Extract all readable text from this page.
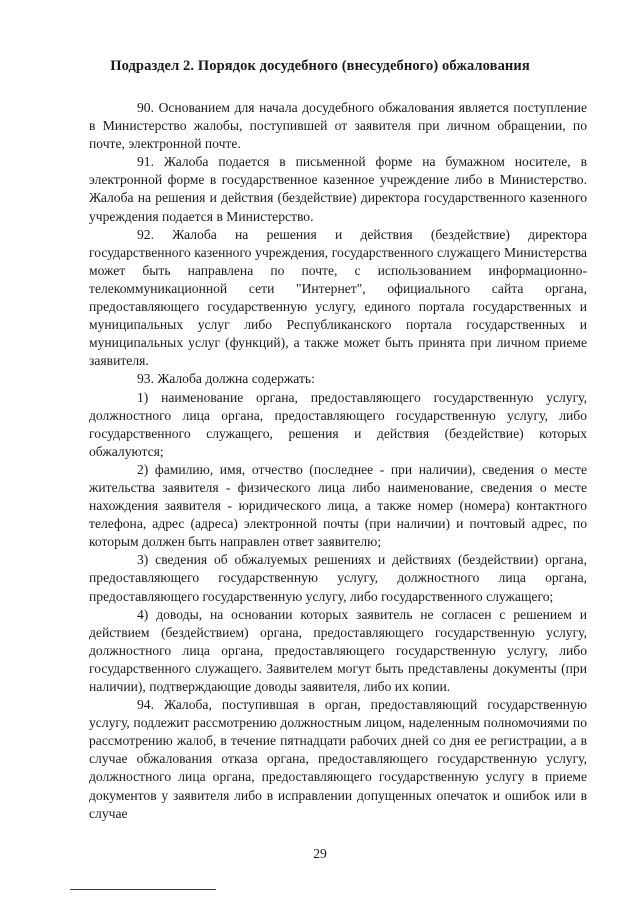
Подраздел 2. Порядок досудебного (внесудебного) обжалования

90. Основанием для начала досудебного обжалования является поступление в Министерство жалобы, поступившей от заявителя при личном обращении, по почте, электронной почте.

91. Жалоба подается в письменной форме на бумажном носителе, в электронной форме в государственное казенное учреждение либо в Министерство. Жалоба на решения и действия (бездействие) директора государственного казенного учреждения подается в Министерство.

92. Жалоба на решения и действия (бездействие) директора государственного казенного учреждения, государственного служащего Министерства может быть направлена по почте, с использованием информационно-телекоммуникационной сети "Интернет", официального сайта органа, предоставляющего государственную услугу, единого портала государственных и муниципальных услуг либо Республиканского портала государственных и муниципальных услуг (функций), а также может быть принята при личном приеме заявителя.

93. Жалоба должна содержать:

1) наименование органа, предоставляющего государственную услугу, должностного лица органа, предоставляющего государственную услугу, либо государственного служащего, решения и действия (бездействие) которых обжалуются;

2) фамилию, имя, отчество (последнее - при наличии), сведения о месте жительства заявителя - физического лица либо наименование, сведения о месте нахождения заявителя - юридического лица, а также номер (номера) контактного телефона, адрес (адреса) электронной почты (при наличии) и почтовый адрес, по которым должен быть направлен ответ заявителю;

3) сведения об обжалуемых решениях и действиях (бездействии) органа, предоставляющего государственную услугу, должностного лица органа, предоставляющего государственную услугу, либо государственного служащего;

4) доводы, на основании которых заявитель не согласен с решением и действием (бездействием) органа, предоставляющего государственную услугу, должностного лица органа, предоставляющего государственную услугу, либо государственного служащего. Заявителем могут быть представлены документы (при наличии), подтверждающие доводы заявителя, либо их копии.

94. Жалоба, поступившая в орган, предоставляющий государственную услугу, подлежит рассмотрению должностным лицом, наделенным полномочиями по рассмотрению жалоб, в течение пятнадцати рабочих дней со дня ее регистрации, а в случае обжалования отказа органа, предоставляющего государственную услугу, должностного лица органа, предоставляющего государственную услугу в приеме документов у заявителя либо в исправлении допущенных опечаток и ошибок или в случае

29
